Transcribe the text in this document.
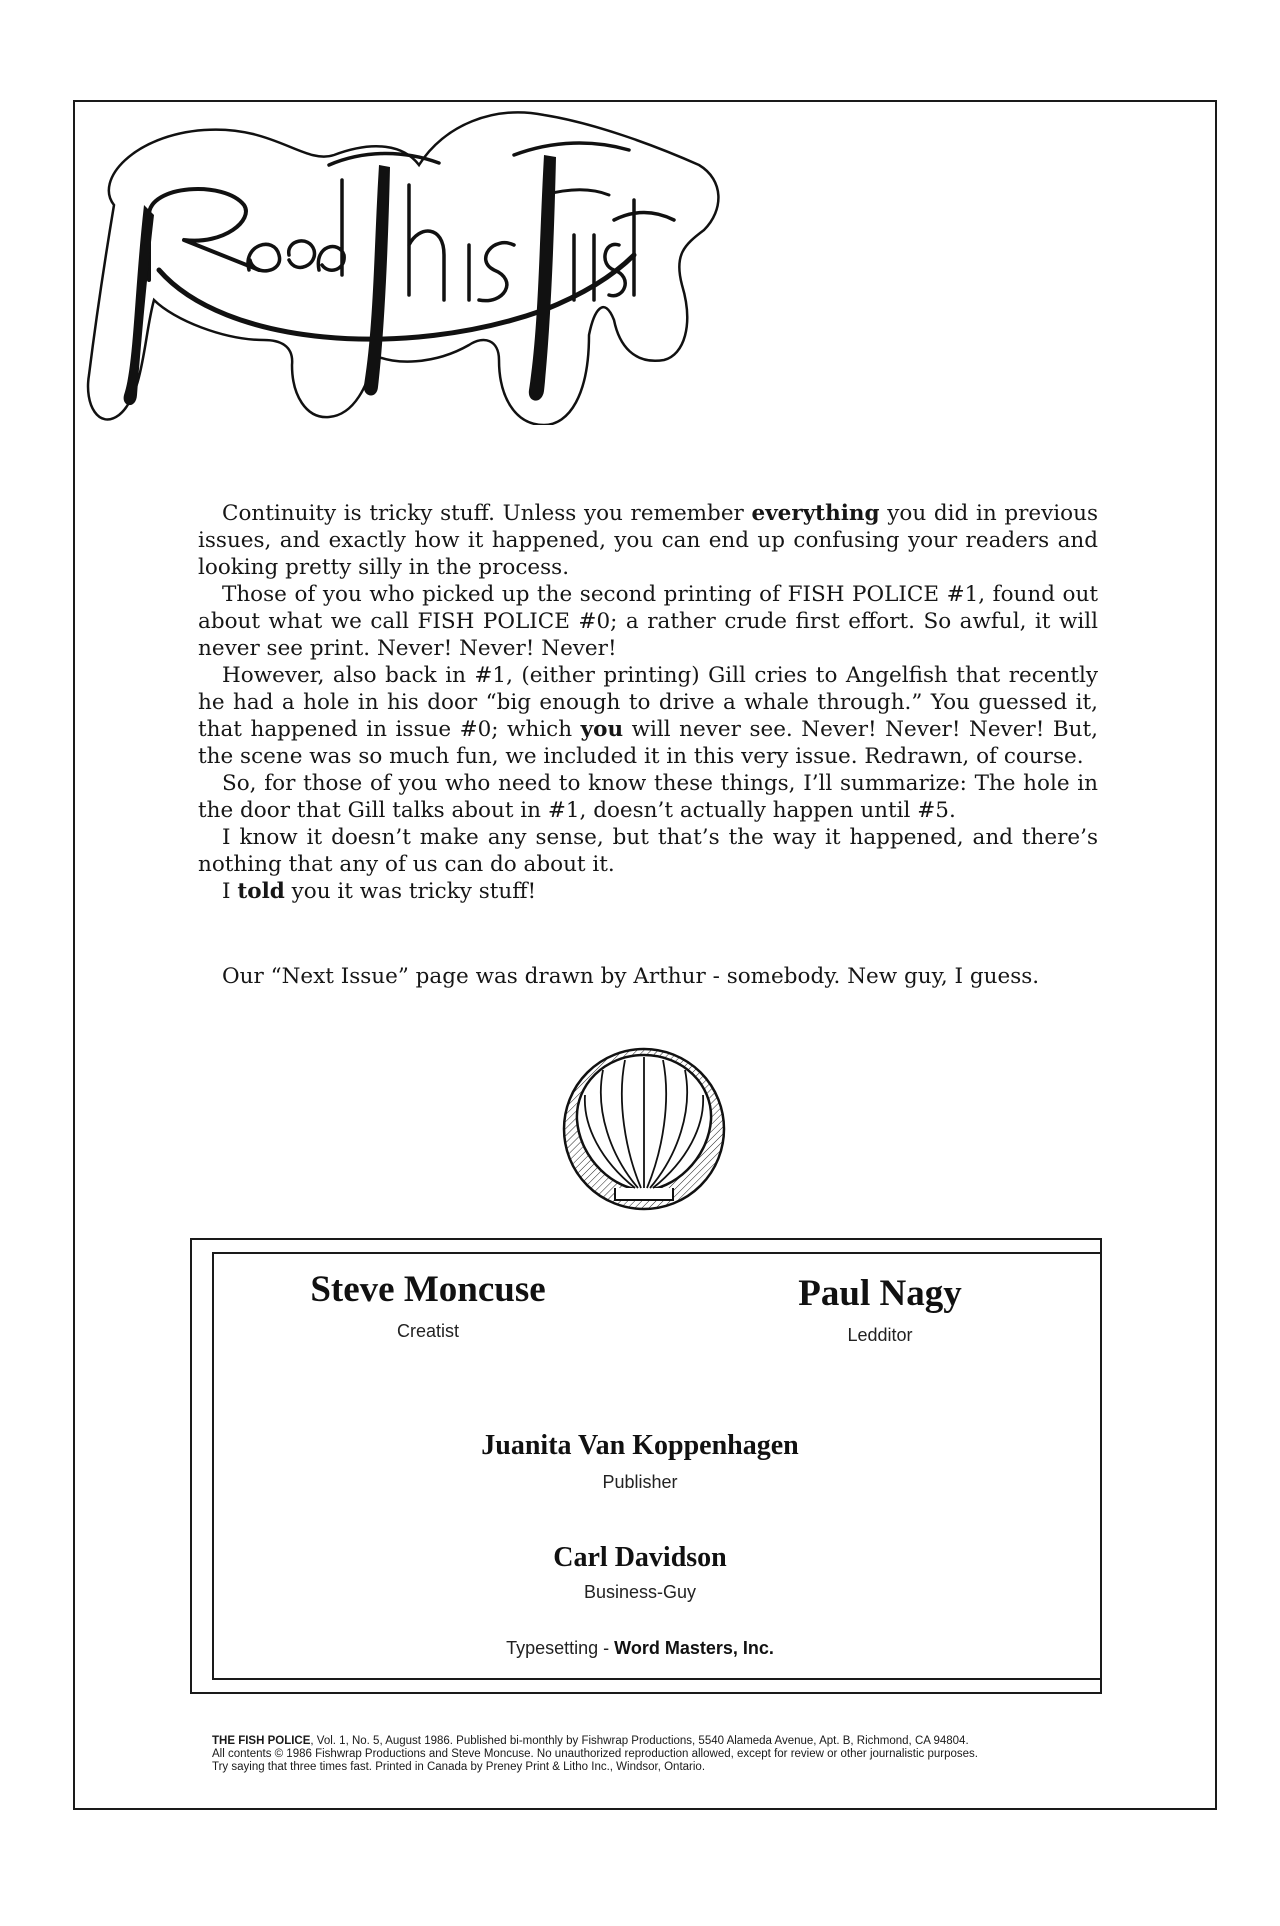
Continuity is tricky stuff. Unless you remember everything you did in previous issues, and exactly how it happened, you can end up confusing your readers and looking pretty silly in the process.

Those of you who picked up the second printing of FISH POLICE #1, found out about what we call FISH POLICE #0; a rather crude first effort. So awful, it will never see print. Never! Never! Never!

However, also back in #1, (either printing) Gill cries to Angelfish that recently he had a hole in his door “big enough to drive a whale through.” You guessed it, that happened in issue #0; which you will never see. Never! Never! Never! But, the scene was so much fun, we included it in this very issue. Redrawn, of course.

So, for those of you who need to know these things, I’ll summarize: The hole in the door that Gill talks about in #1, doesn’t actually happen until #5.

I know it doesn’t make any sense, but that’s the way it happened, and there’s nothing that any of us can do about it.

I told you it was tricky stuff!

Our “Next Issue” page was drawn by Arthur - somebody. New guy, I guess.
Steve Moncuse
Creatist
Paul Nagy
Ledditor
Juanita Van Koppenhagen
Publisher
Carl Davidson
Business-Guy
Typesetting - Word Masters, Inc.
THE FISH POLICE, Vol. 1, No. 5, August 1986. Published bi-monthly by Fishwrap Productions, 5540 Alameda Avenue, Apt. B, Richmond, CA 94804.
All contents © 1986 Fishwrap Productions and Steve Moncuse. No unauthorized reproduction allowed, except for review or other journalistic purposes.
Try saying that three times fast. Printed in Canada by Preney Print & Litho Inc., Windsor, Ontario.
